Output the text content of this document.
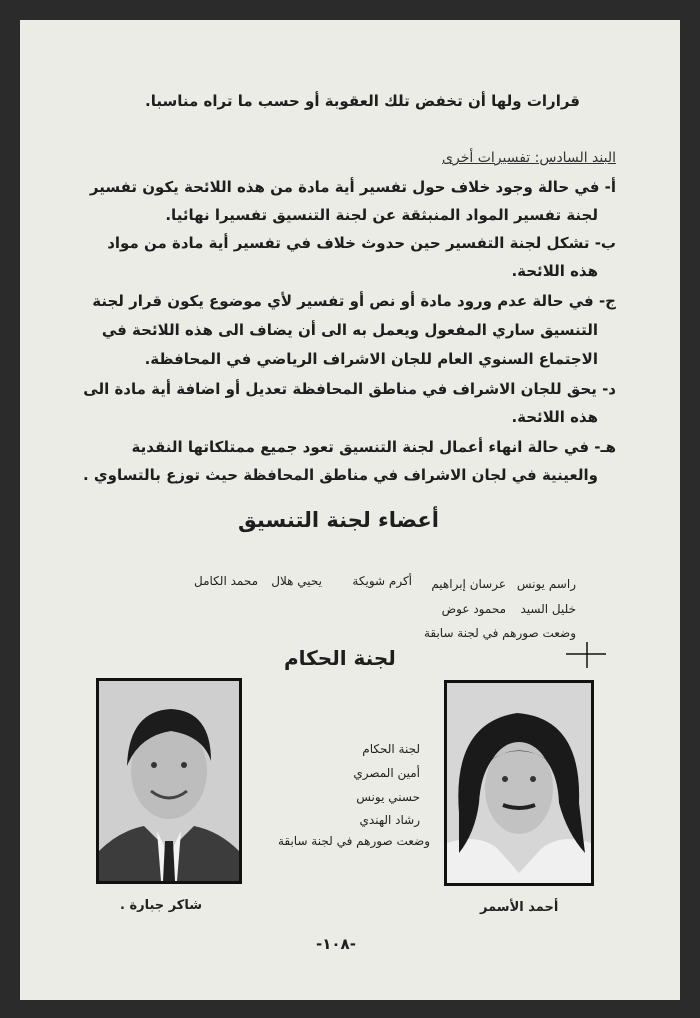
قرارات ولها أن تخفض تلك العقوبة أو حسب ما تراه مناسبا.
البند السادس: تفسيرات أخرى
أ- في حالة وجود خلاف حول تفسير أية مادة من هذه اللائحة يكون تفسير
لجنة تفسير المواد المنبثقة عن لجنة التنسيق تفسيرا نهائيا.
ب- تشكل لجنة التفسير حين حدوث خلاف في تفسير أية مادة من مواد
هذه اللائحة.
ج- في حالة عدم ورود مادة أو نص أو تفسير لأي موضوع يكون قرار لجنة
التنسيق ساري المفعول ويعمل به الى أن يضاف الى هذه اللائحة في
الاجتماع السنوي العام للجان الاشراف الرياضي في المحافظة.
د- يحق للجان الاشراف في مناطق المحافظة تعديل أو اضافة أية مادة الى
هذه اللائحة.
هـ- في حالة انهاء أعمال لجنة التنسيق تعود جميع ممتلكاتها النقدية
والعينية في لجان الاشراف في مناطق المحافظة حيث توزع بالتساوي .
أعضاء لجنة التنسيق
راسم يونس
عرسان إبراهيم
أكرم شويكة
يحيي هلال
محمد الكامل
خليل السيد
محمود عوض
وضعت صورهم في لجنة سابقة
لجنة الحكام
لجنة الحكام
أمين المصري
حسني يونس
رشاد الهندي
وضعت صورهم في لجنة سابقة
شاكر جبارة .	أحمد الأسمر
-١٠٨-
